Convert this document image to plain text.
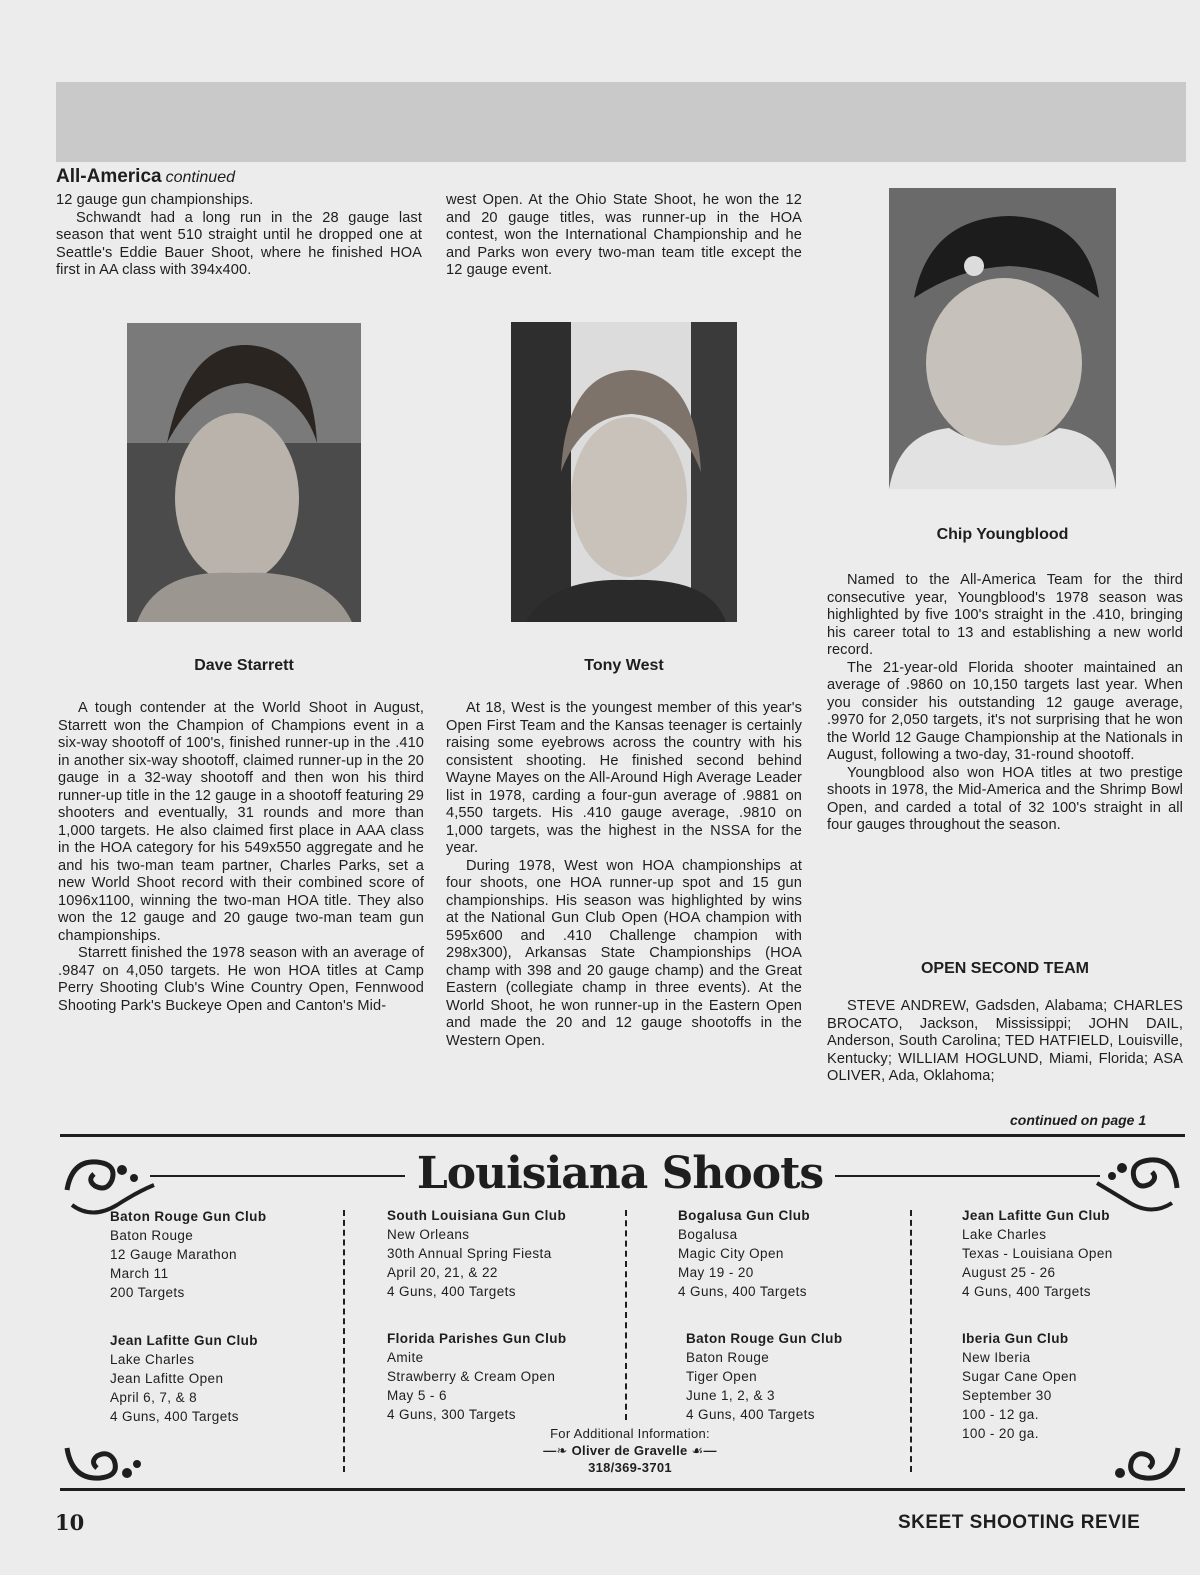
All-America continued

12 gauge gun championships.

Schwandt had a long run in the 28 gauge last season that went 510 straight until he dropped one at Seattle's Eddie Bauer Shoot, where he finished HOA first in AA class with 394x400.

west Open. At the Ohio State Shoot, he won the 12 and 20 gauge titles, was runner-up in the HOA contest, won the International Championship and he and Parks won every two-man team title except the 12 gauge event.

Dave Starrett	Tony West
Chip Youngblood

A tough contender at the World Shoot in August, Starrett won the Champion of Champions event in a six-way shootoff of 100's, finished runner-up in the .410 in another six-way shootoff, claimed runner-up in the 20 gauge in a 32-way shootoff and then won his third runner-up title in the 12 gauge in a shootoff featuring 29 shooters and eventually, 31 rounds and more than 1,000 targets. He also claimed first place in AAA class in the HOA category for his 549x550 aggregate and he and his two-man team partner, Charles Parks, set a new World Shoot record with their combined score of 1096x1100, winning the two-man HOA title. They also won the 12 gauge and 20 gauge two-man team gun championships.

Starrett finished the 1978 season with an average of .9847 on 4,050 targets. He won HOA titles at Camp Perry Shooting Club's Wine Country Open, Fennwood Shooting Park's Buckeye Open and Canton's Mid-

At 18, West is the youngest member of this year's Open First Team and the Kansas teenager is certainly raising some eyebrows across the country with his consistent shooting. He finished second behind Wayne Mayes on the All-Around High Average Leader list in 1978, carding a four-gun average of .9881 on 4,550 targets. His .410 gauge average, .9810 on 1,000 targets, was the highest in the NSSA for the year.

During 1978, West won HOA championships at four shoots, one HOA runner-up spot and 15 gun championships. His season was highlighted by wins at the National Gun Club Open (HOA champion with 595x600 and .410 Challenge champion with 298x300), Arkansas State Championships (HOA champ with 398 and 20 gauge champ) and the Great Eastern (collegiate champ in three events). At the World Shoot, he won runner-up in the Eastern Open and made the 20 and 12 gauge shootoffs in the Western Open.

Named to the All-America Team for the third consecutive year, Youngblood's 1978 season was highlighted by five 100's straight in the .410, bringing his career total to 13 and establishing a new world record.

The 21-year-old Florida shooter maintained an average of .9860 on 10,150 targets last year. When you consider his outstanding 12 gauge average, .9970 for 2,050 targets, it's not surprising that he won the World 12 Gauge Championship at the Nationals in August, following a two-day, 31-round shootoff.

Youngblood also won HOA titles at two prestige shoots in 1978, the Mid-America and the Shrimp Bowl Open, and carded a total of 32 100's straight in all four gauges throughout the season.

OPEN SECOND TEAM

STEVE ANDREW, Gadsden, Alabama; CHARLES BROCATO, Jackson, Mississippi; JOHN DAIL, Anderson, South Carolina; TED HATFIELD, Louisville, Kentucky; WILLIAM HOGLUND, Miami, Florida; ASA OLIVER, Ada, Oklahoma;

continued on page 1
Louisiana Shoots
Baton Rouge Gun Club
Baton Rouge
12 Gauge Marathon
March 11
200 Targets
South Louisiana Gun Club
New Orleans
30th Annual Spring Fiesta
April 20, 21, & 22
4 Guns, 400 Targets
Bogalusa Gun Club
Bogalusa
Magic City Open
May 19 - 20
4 Guns, 400 Targets
Jean Lafitte Gun Club
Lake Charles
Texas - Louisiana Open
August 25 - 26
4 Guns, 400 Targets
Jean Lafitte Gun Club
Lake Charles
Jean Lafitte Open
April 6, 7, & 8
4 Guns, 400 Targets
Florida Parishes Gun Club
Amite
Strawberry & Cream Open
May 5 - 6
4 Guns, 300 Targets
Baton Rouge Gun Club
Baton Rouge
Tiger Open
June 1, 2, & 3
4 Guns, 400 Targets
Iberia Gun Club
New Iberia
Sugar Cane Open
September 30
100 - 12 ga.
100 - 20 ga.
For Additional Information:
—❧ Oliver de Gravelle ☙—
318/369-3701
10	SKEET SHOOTING REVIE
